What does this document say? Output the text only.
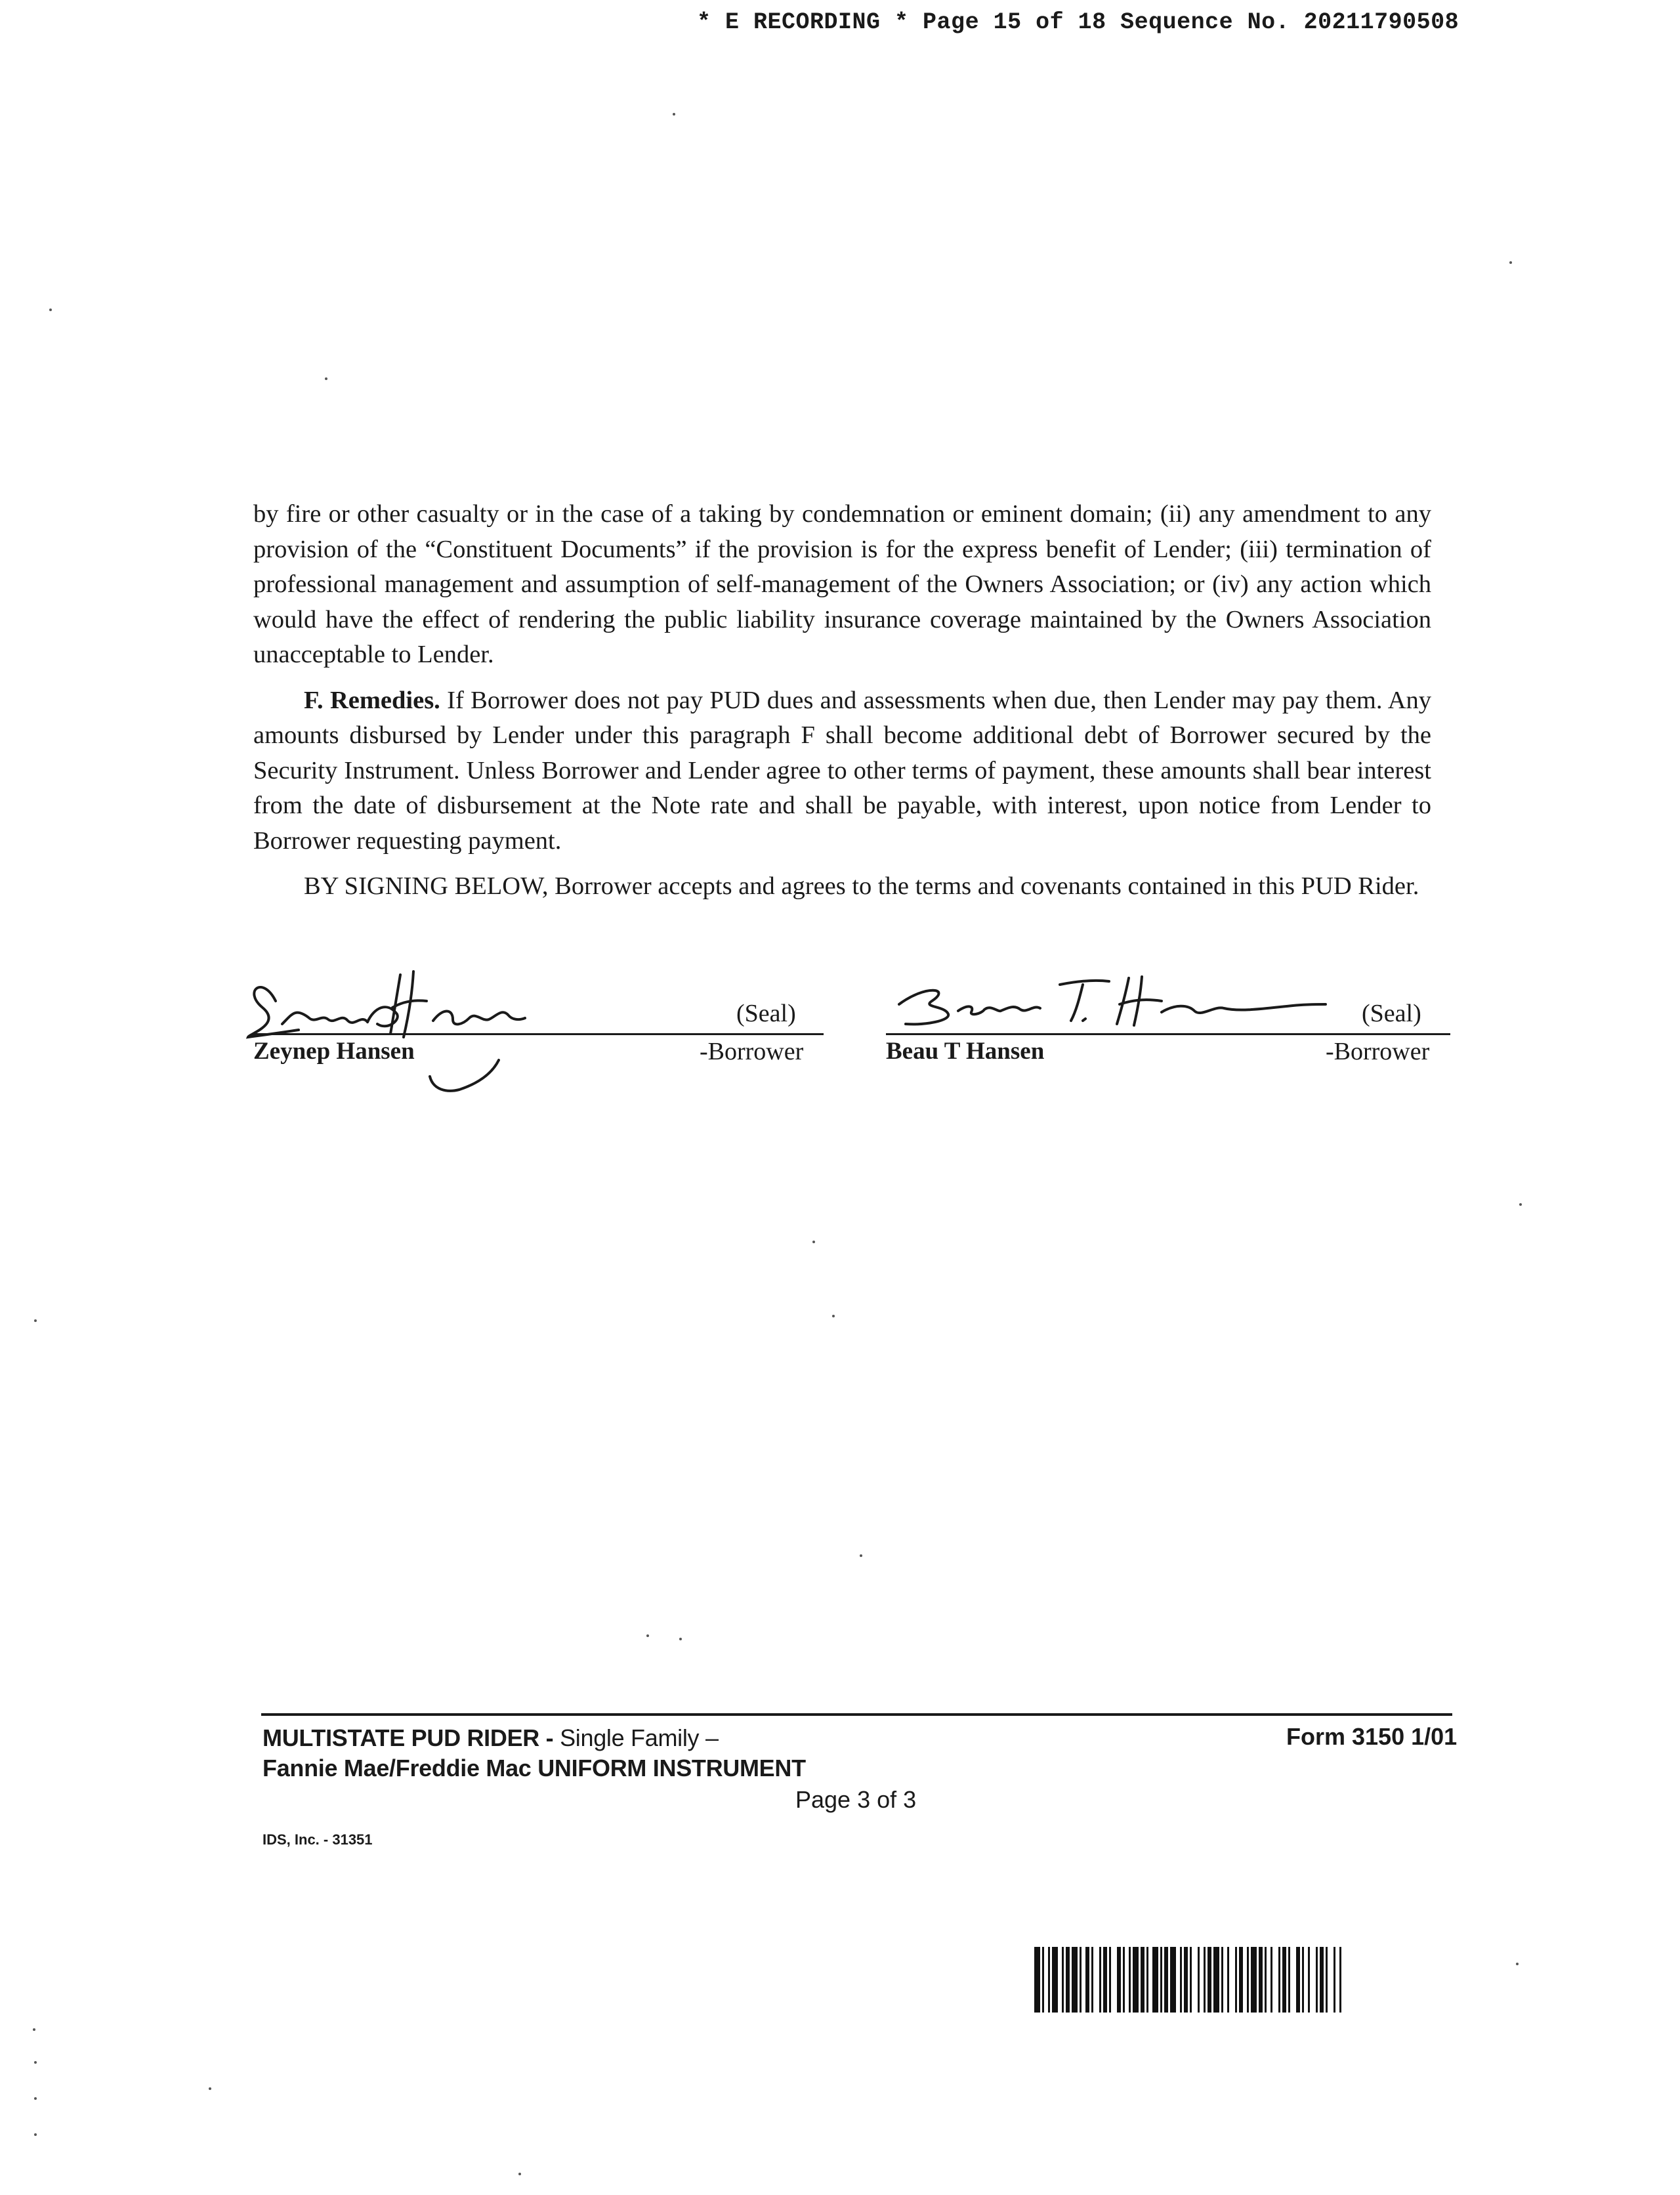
* E RECORDING * Page 15 of 18 Sequence No. 20211790508

by fire or other casualty or in the case of a taking by condemnation or eminent domain; (ii) any amendment to any provision of the “Constituent Documents” if the provision is for the express benefit of Lender; (iii) termination of professional management and assumption of self-management of the Owners Association; or (iv) any action which would have the effect of rendering the public liability insurance coverage maintained by the Owners Association unacceptable to Lender.

F. Remedies. If Borrower does not pay PUD dues and assessments when due, then Lender may pay them. Any amounts disbursed by Lender under this paragraph F shall become additional debt of Borrower secured by the Security Instrument. Unless Borrower and Lender agree to other terms of payment, these amounts shall bear interest from the date of disbursement at the Note rate and shall be payable, with interest, upon notice from Lender to Borrower requesting payment.

BY SIGNING BELOW, Borrower accepts and agrees to the terms and covenants contained in this PUD Rider.

(Seal)
Zeynep Hansen	-Borrower
(Seal)
Beau T Hansen	-Borrower
MULTISTATE PUD RIDER - Single Family –
Fannie Mae/Freddie Mac UNIFORM INSTRUMENT
Form 3150 1/01
Page 3 of 3
IDS, Inc. - 31351
